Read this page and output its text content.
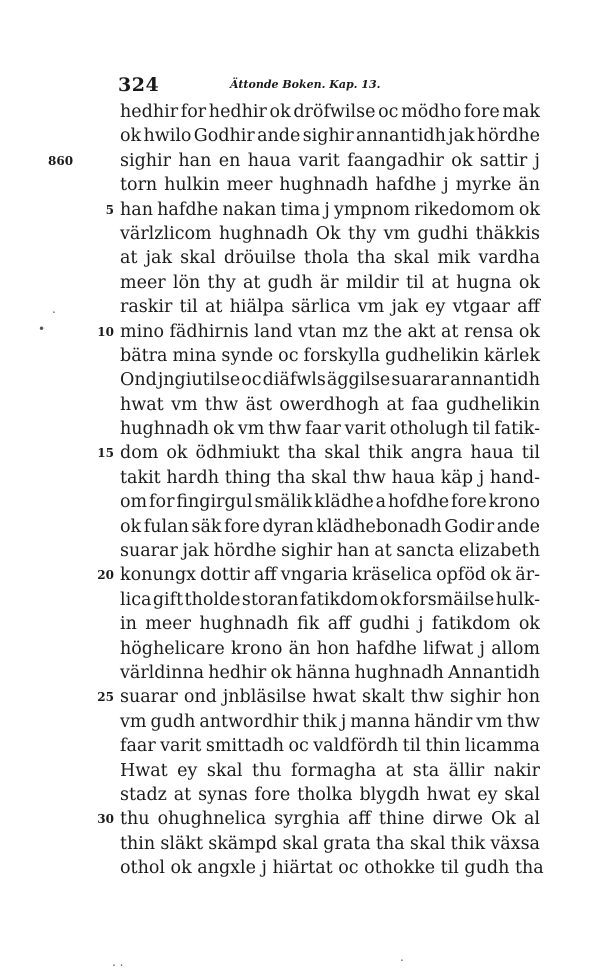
324	Ättonde Boken. Kap. 13.
hedhir for hedhir ok dröfwilse oc mödho fore mak
ok hwilo Godhir ande sighir annantidh jak hördhe
860	sighir han en haua varit faangadhir ok sattir j
torn hulkin meer hughnadh hafdhe j myrke än
5 han hafdhe nakan tima j ympnom rikedomom ok
värlzlicom hughnadh Ok thy vm gudhi thäkkis
at jak skal dröuilse thola tha skal mik vardha
meer lön thy at gudh är mildir til at hugna ok
raskir til at hiälpa särlica vm jak ey vtgaar aff
10 mino fädhirnis land vtan mz the akt at rensa ok
bätra mina synde oc forskylla gudhelikin kärlek
Ond jngiutilse oc diäfwls äggilse suarar annantidh
hwat vm thw äst owerdhogh at faa gudhelikin
hughnadh ok vm thw faar varit otholugh til fatik-
15 dom ok ödhmiukt tha skal thik angra haua til
takit hardh thing tha skal thw haua käp j hand-
om for fingirgul smälik klädhe a hofdhe fore krono
ok fulan säk fore dyran klädhebonadh Godir ande
suarar jak hördhe sighir han at sancta elizabeth
20 konungx dottir aff vngaria kräselica opföd ok är-
lica gift tholde storan fatikdom ok forsmäilse hulk-
in meer hughnadh fik aff gudhi j fatikdom ok
höghelicare krono än hon hafdhe lifwat j allom
världinna hedhir ok hänna hughnadh Annantidh
25 suarar ond jnbläsilse hwat skalt thw sighir hon
vm gudh antwordhir thik j manna händir vm thw
faar varit smittadh oc valdfördh til thin licamma
Hwat ey skal thu formagha at sta ällir nakir
stadz at synas fore tholka blygdh hwat ey skal
30 thu ohughnelica syrghia aff thine dirwe Ok al
thin släkt skämpd skal grata tha skal thik växsa
othol ok angxle j hiärtat oc othokke til gudh tha
•
.
.
. .
